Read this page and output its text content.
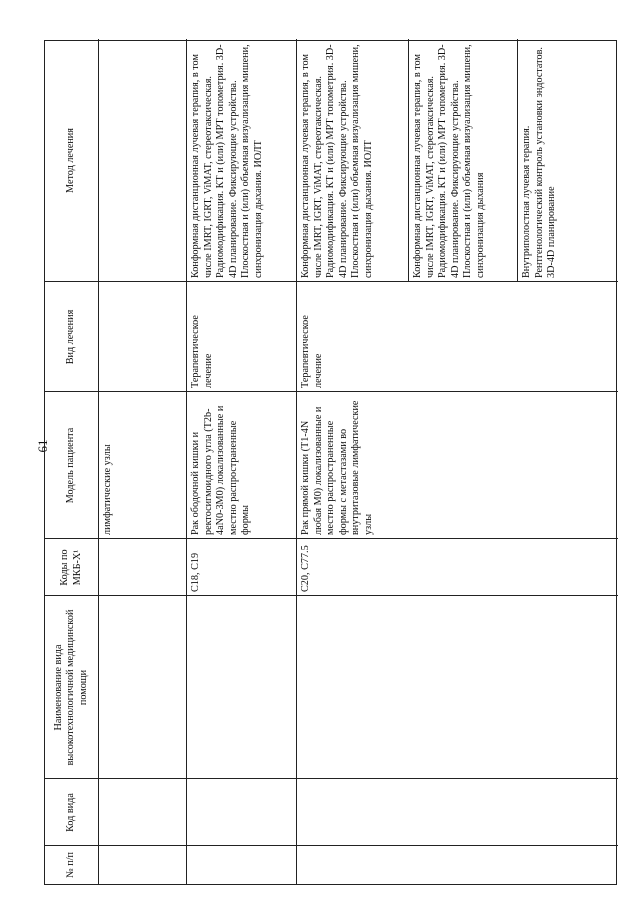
61
№ п/п
Код вида
Наименование вида высокотехнологичной медицинской помощи
Коды по МКБ-Х¹
Модель пациента
Вид лечения
Метод лечения
лимфатические узлы
C18, C19
Рак ободочной кишки и ректосигмоидного угла (T2b-4aN0-3M0) локализованные и местно распространенные формы
Терапевтическое лечение
Конформная дистанционная лучевая терапия, в том числе IMRT, IGRT, ViMAT, стереотаксическая. Радиомодификация. КТ и (или) МРТ топометрия. 3D-4D планирование. Фиксирующие устройства. Плоскостная и (или) объемная визуализация мишени, синхронизация дыхания. ИОЛТ
C20, C77.5
Рак прямой кишки (T1-4N любая M0) локализованные и местно распространенные формы с метастазами во внутритазовые лимфатические узлы
Терапевтическое лечение
Конформная дистанционная лучевая терапия, в том числе IMRT, IGRT, ViMAT, стереотаксическая. Радиомодификация. КТ и (или) МРТ топометрия. 3D-4D планирование. Фиксирующие устройства. Плоскостная и (или) объемная визуализация мишени, синхронизация дыхания. ИОЛТ	Конформная дистанционная лучевая терапия, в том числе IMRT, IGRT, ViMAT, стереотаксическая. Радиомодификация. КТ и (или) МРТ топометрия. 3D-4D планирование. Фиксирующие устройства. Плоскостная и (или) объемная визуализация мишени, синхронизация дыхания	Внутриполостная лучевая терапия. Рентгенологический контроль установки эндостатов. 3D-4D планирование
